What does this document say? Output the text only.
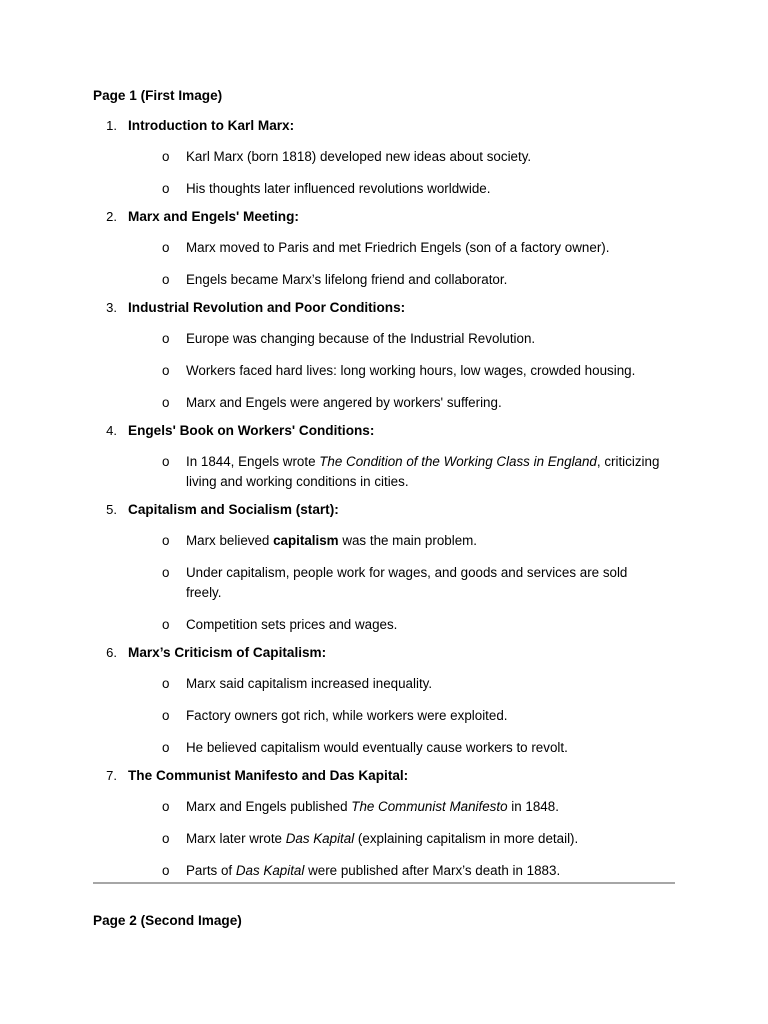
Page 1 (First Image)

1. Introduction to Karl Marx:
o Karl Marx (born 1818) developed new ideas about society.
o His thoughts later influenced revolutions worldwide.
2. Marx and Engels' Meeting:
o Marx moved to Paris and met Friedrich Engels (son of a factory owner).
o Engels became Marx’s lifelong friend and collaborator.
3. Industrial Revolution and Poor Conditions:
o Europe was changing because of the Industrial Revolution.
o Workers faced hard lives: long working hours, low wages, crowded housing.
o Marx and Engels were angered by workers' suffering.
4. Engels' Book on Workers' Conditions:
o In 1844, Engels wrote The Condition of the Working Class in England, criticizing living and working conditions in cities.
5. Capitalism and Socialism (start):
o Marx believed capitalism was the main problem.
o Under capitalism, people work for wages, and goods and services are sold freely.
o Competition sets prices and wages.
6. Marx’s Criticism of Capitalism:
o Marx said capitalism increased inequality.
o Factory owners got rich, while workers were exploited.
o He believed capitalism would eventually cause workers to revolt.
7. The Communist Manifesto and Das Kapital:
o Marx and Engels published The Communist Manifesto in 1848.
o Marx later wrote Das Kapital (explaining capitalism in more detail).
o Parts of Das Kapital were published after Marx’s death in 1883.

Page 2 (Second Image)
